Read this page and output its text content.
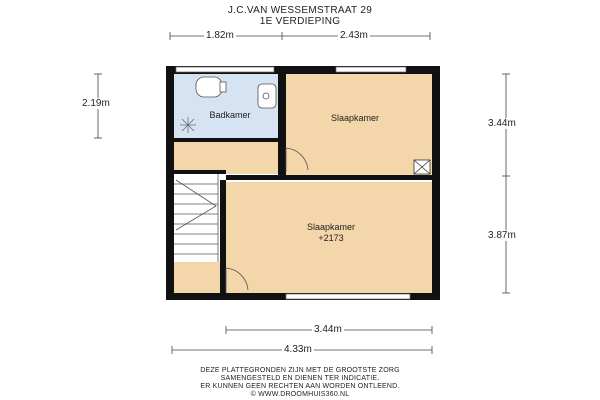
J.C.VAN WESSEMSTRAAT 29
1E VERDIEPING
1.82m	2.43m
2.19m
3.44m
3.87m
3.44m
4.33m
Badkamer	Slaapkamer
Slaapkamer
+2173
DEZE PLATTEGRONDEN ZIJN MET DE GROOTSTE ZORG
SAMENGESTELD EN DIENEN TER INDICATIE.
ER KUNNEN GEEN RECHTEN AAN WORDEN ONTLEEND.
© WWW.DROOMHUIS360.NL
